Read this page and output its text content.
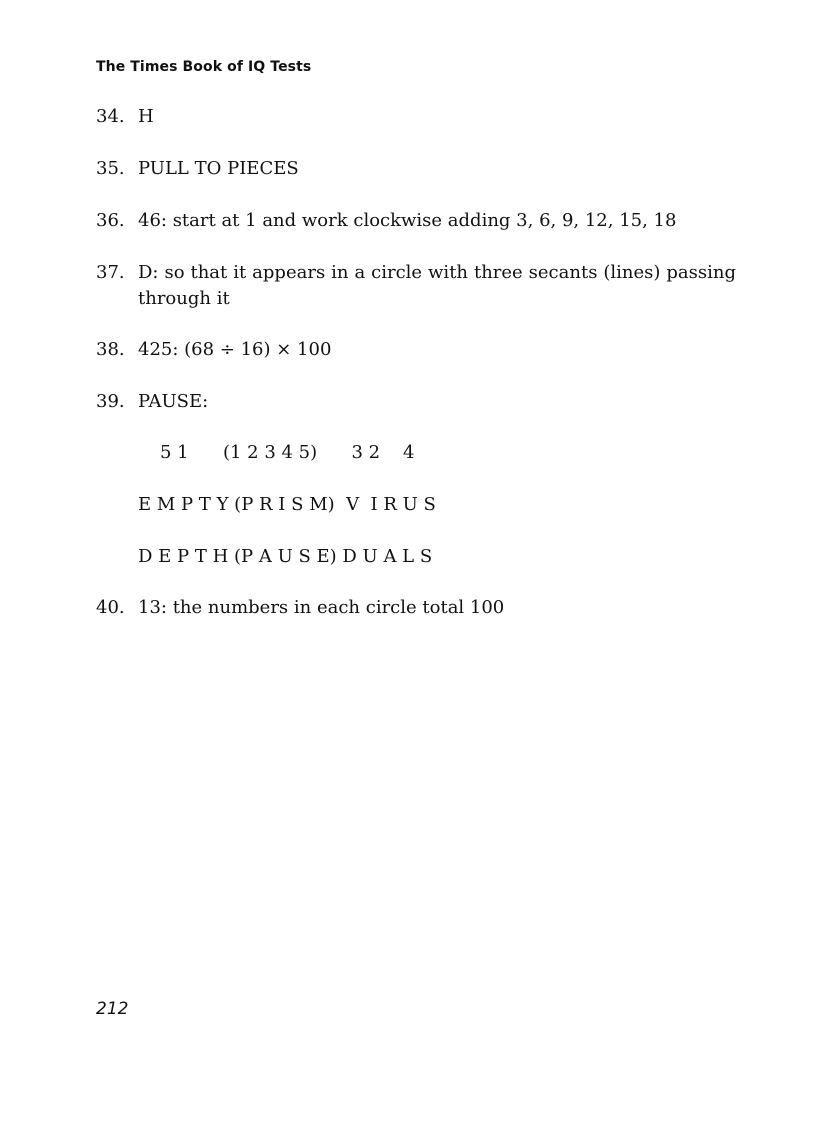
The Times Book of IQ Tests
34. H
35. PULL TO PIECES
36. 46: start at 1 and work clockwise adding 3, 6, 9, 12, 15, 18
37. D: so that it appears in a circle with three secants (lines) passing through it
38. 425: (68 ÷ 16) × 100
39. PAUSE:
5 1      (1 2 3 4 5)      3 2    4
E M P T Y (P R I S M)  V  I R U S
D E P T H (P A U S E) D U A L S
40. 13: the numbers in each circle total 100
212
